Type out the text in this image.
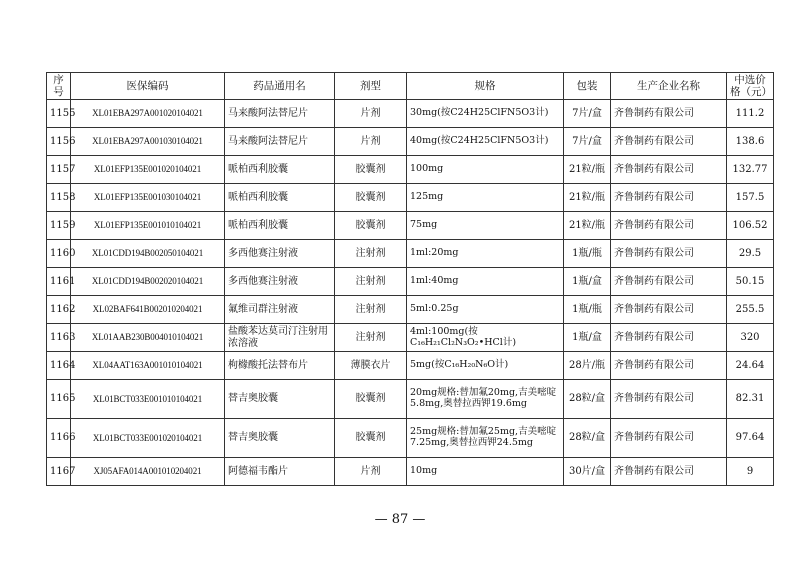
序号	医保编码	药品通用名	剂型	规格	包装	生产企业名称	中选价格（元）
1155	XL01EBA297A001020104021	马来酸阿法替尼片	片剂	30mg(按C24H25ClFN5O3计)	7片/盒	齐鲁制药有限公司	111.2
1156	XL01EBA297A001030104021	马来酸阿法替尼片	片剂	40mg(按C24H25ClFN5O3计)	7片/盒	齐鲁制药有限公司	138.6
1157	XL01EFP135E001020104021	哌柏西利胶囊	胶囊剂	100mg	21粒/瓶	齐鲁制药有限公司	132.77
1158	XL01EFP135E001030104021	哌柏西利胶囊	胶囊剂	125mg	21粒/瓶	齐鲁制药有限公司	157.5
1159	XL01EFP135E001010104021	哌柏西利胶囊	胶囊剂	75mg	21粒/瓶	齐鲁制药有限公司	106.52
1160	XL01CDD194B002050104021	多西他赛注射液	注射剂	1ml:20mg	1瓶/瓶	齐鲁制药有限公司	29.5
1161	XL01CDD194B002020104021	多西他赛注射液	注射剂	1ml:40mg	1瓶/盒	齐鲁制药有限公司	50.15
1162	XL02BAF641B002010204021	氟维司群注射液	注射剂	5ml:0.25g	1瓶/瓶	齐鲁制药有限公司	255.5
1163	XL01AAB230B004010104021	盐酸苯达莫司汀注射用浓溶液	注射剂	4ml:100mg(按C₁₆H₂₁Cl₂N₃O₂•HCl计)	1瓶/盒	齐鲁制药有限公司	320
1164	XL04AAT163A001010104021	枸橼酸托法替布片	薄膜衣片	5mg(按C₁₆H₂₀N₆O计)	28片/瓶	齐鲁制药有限公司	24.64
1165	XL01BCT033E001010104021	替吉奥胶囊	胶囊剂	20mg规格:替加氟20mg,吉美嘧啶5.8mg,奥替拉西钾19.6mg	28粒/盒	齐鲁制药有限公司	82.31
1166	XL01BCT033E001020104021	替吉奥胶囊	胶囊剂	25mg规格:替加氟25mg,吉美嘧啶7.25mg,奥替拉西钾24.5mg	28粒/盒	齐鲁制药有限公司	97.64
1167	XJ05AFA014A001010204021	阿德福韦酯片	片剂	10mg	30片/盒	齐鲁制药有限公司	9
— 87 —
